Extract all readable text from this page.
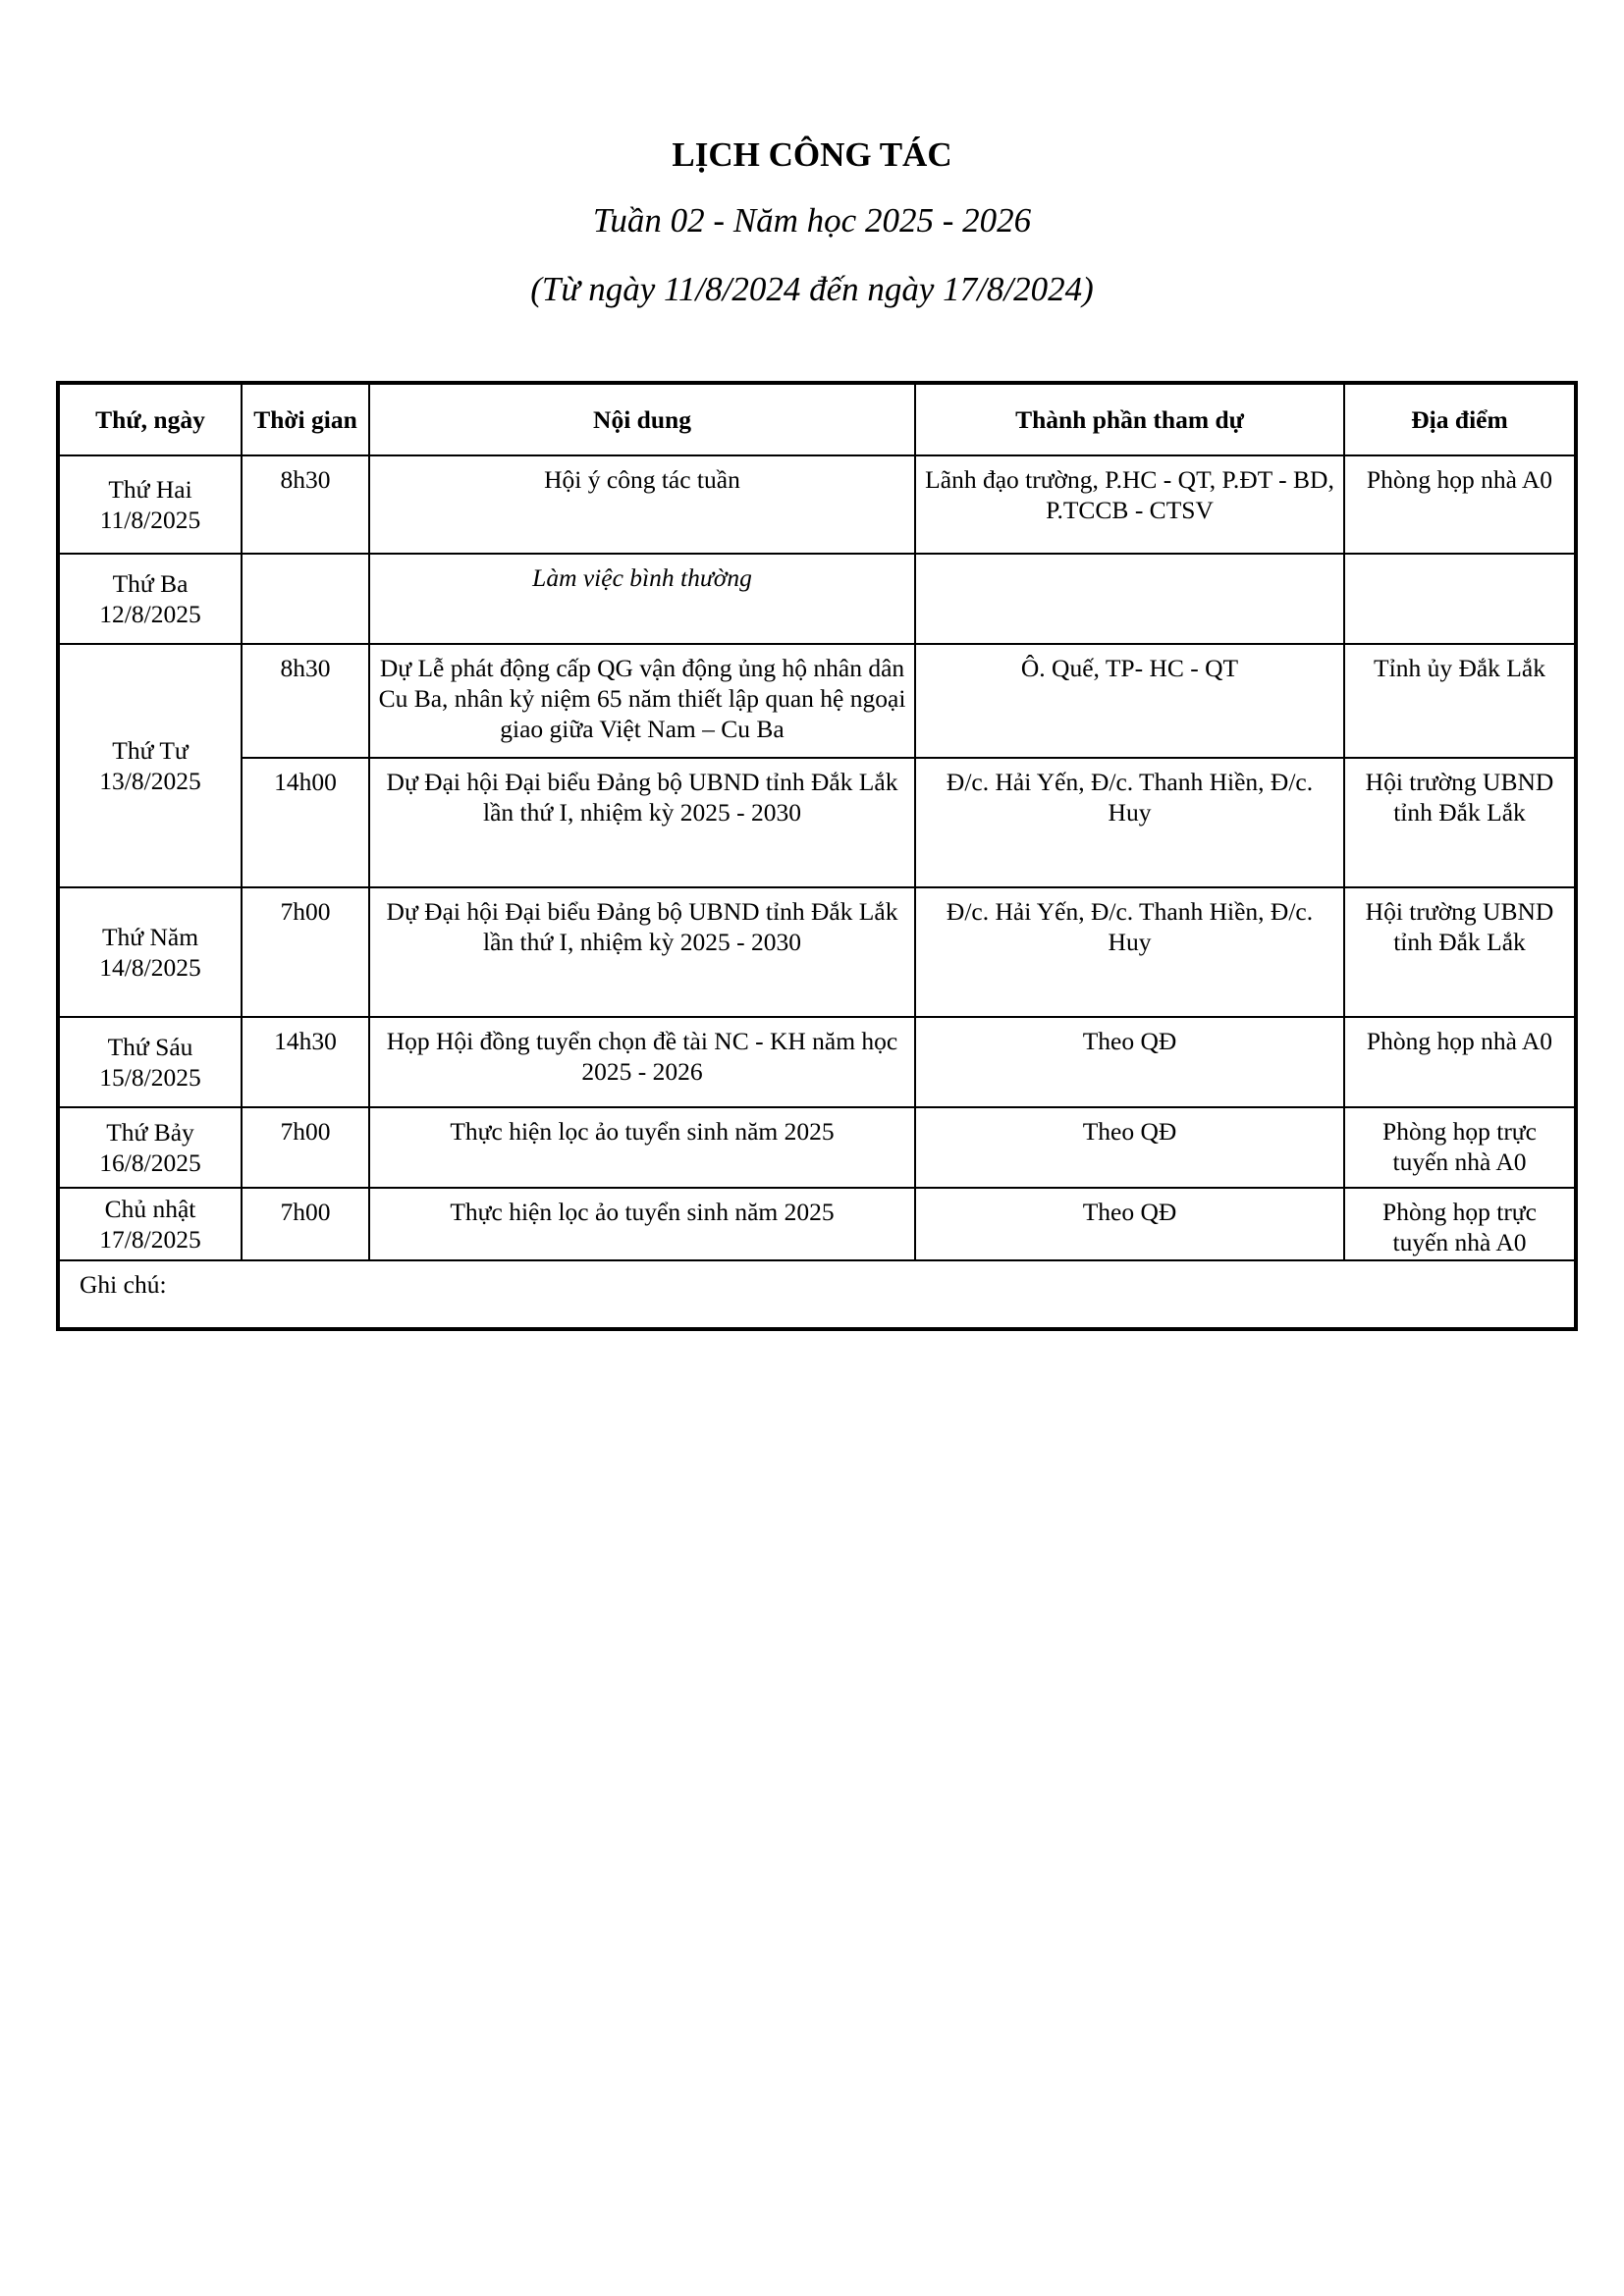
LỊCH CÔNG TÁC
Tuần 02 - Năm học 2025 - 2026
(Từ ngày 11/8/2024 đến ngày 17/8/2024)
Thứ, ngày	Thời gian	Nội dung	Thành phần tham dự	Địa điểm

Thứ Hai
11/8/2025	8h30	Hội ý công tác tuần	Lãnh đạo trường, P.HC - QT, P.ĐT - BD, P.TCCB - CTSV	Phòng họp nhà A0

Thứ Ba
12/8/2025		Làm việc bình thường		

Thứ Tư
13/8/2025	8h30	Dự Lễ phát động cấp QG vận động ủng hộ nhân dân Cu Ba, nhân kỷ niệm 65 năm thiết lập quan hệ ngoại giao giữa Việt Nam – Cu Ba	Ô. Quế, TP- HC - QT	Tỉnh ủy Đắk Lắk
	14h00	Dự Đại hội Đại biểu Đảng bộ UBND tỉnh Đắk Lắk lần thứ I, nhiệm kỳ 2025 - 2030	Đ/c. Hải Yến, Đ/c. Thanh Hiền, Đ/c. Huy	Hội trường UBND tỉnh Đắk Lắk

Thứ Năm
14/8/2025	7h00	Dự Đại hội Đại biểu Đảng bộ UBND tỉnh Đắk Lắk lần thứ I, nhiệm kỳ 2025 - 2030	Đ/c. Hải Yến, Đ/c. Thanh Hiền, Đ/c. Huy	Hội trường UBND tỉnh Đắk Lắk

Thứ Sáu
15/8/2025	14h30	Họp Hội đồng tuyển chọn đề tài NC - KH năm học 2025 - 2026	Theo QĐ	Phòng họp nhà A0

Thứ Bảy
16/8/2025	7h00	Thực hiện lọc ảo tuyển sinh năm 2025	Theo QĐ	Phòng họp trực tuyến nhà A0

Chủ nhật
17/8/2025	7h00	Thực hiện lọc ảo tuyển sinh năm 2025	Theo QĐ	Phòng họp trực tuyến nhà A0
Ghi chú:				
